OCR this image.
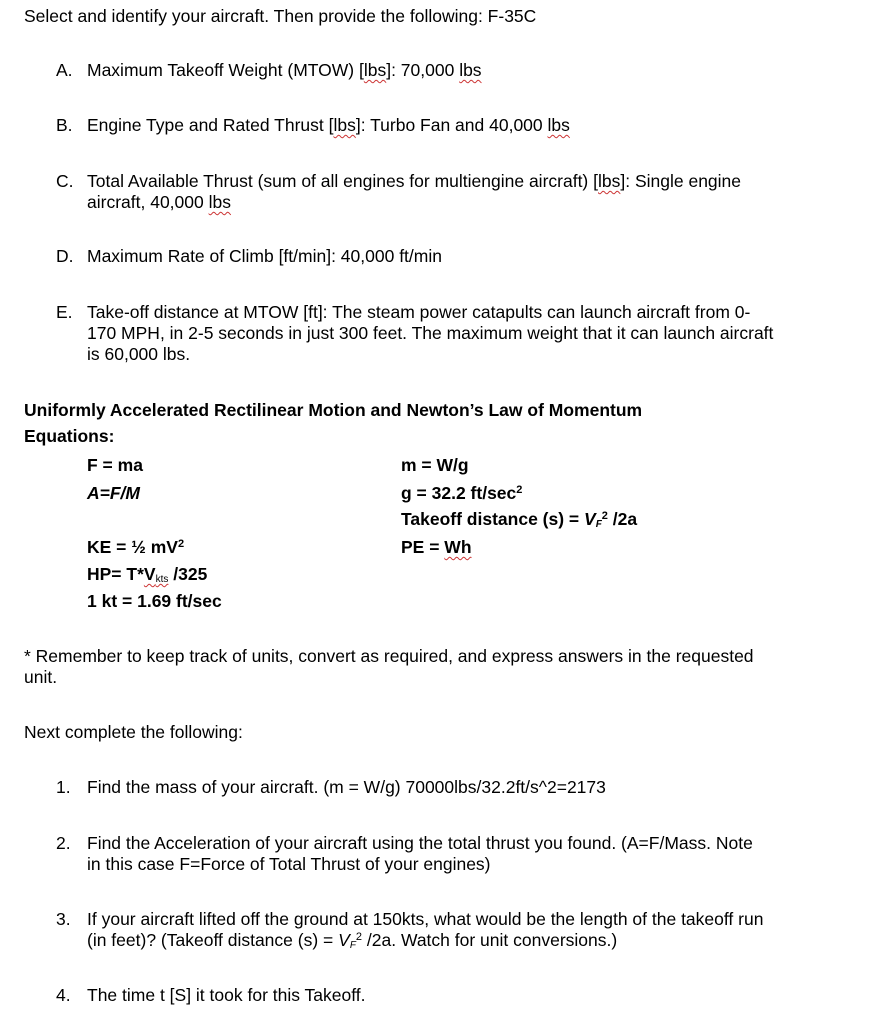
Select and identify your aircraft. Then provide the following: F-35C
A. Maximum Takeoff Weight (MTOW) [lbs]: 70,000 lbs
B. Engine Type and Rated Thrust [lbs]: Turbo Fan and 40,000 lbs
C. Total Available Thrust (sum of all engines for multiengine aircraft) [lbs]: Single engine
aircraft, 40,000 lbs
D. Maximum Rate of Climb [ft/min]: 40,000 ft/min
E. Take-off distance at MTOW [ft]: The steam power catapults can launch aircraft from 0-
170 MPH, in 2-5 seconds in just 300 feet. The maximum weight that it can launch aircraft
is 60,000 lbs.
Uniformly Accelerated Rectilinear Motion and Newton’s Law of Momentum
Equations:
F = ma
A=F/M
KE = ½ $mV^2$
$HP= T*V_{kts}$ /325
1 kt = 1.69 ft/sec
m = W/g
g = 32.2 $ft/\sec^2$
Takeoff distance $(s) = V_F^2$ /2a
PE = Wh
* Remember to keep track of units, convert as required, and express answers in the requested
unit.
Next complete the following:
1. Find the mass of your aircraft. (m = W/g) 70000lbs/32.2ft/s^2=2173
2. Find the Acceleration of your aircraft using the total thrust you found. (A=F/Mass. Note
in this case F=Force of Total Thrust of your engines)
3. If your aircraft lifted off the ground at 150kts, what would be the length of the takeoff run
(in feet)? (Takeoff distance $(s) = V_F^2$ /2a. Watch for unit conversions.)
4. The time t [S] it took for this Takeoff.
